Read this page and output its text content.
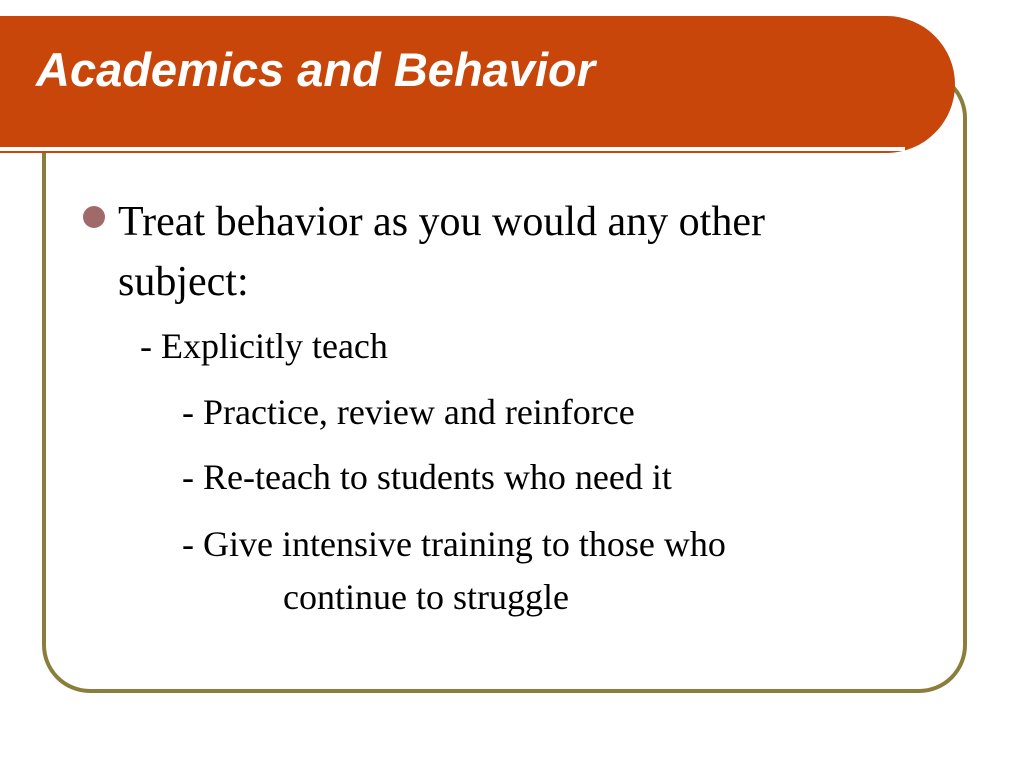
Academics and Behavior
Treat behavior as you would any other
subject:
- Explicitly teach
- Practice, review and reinforce
- Re-teach to students who need it
- Give intensive training to those who
continue to struggle
